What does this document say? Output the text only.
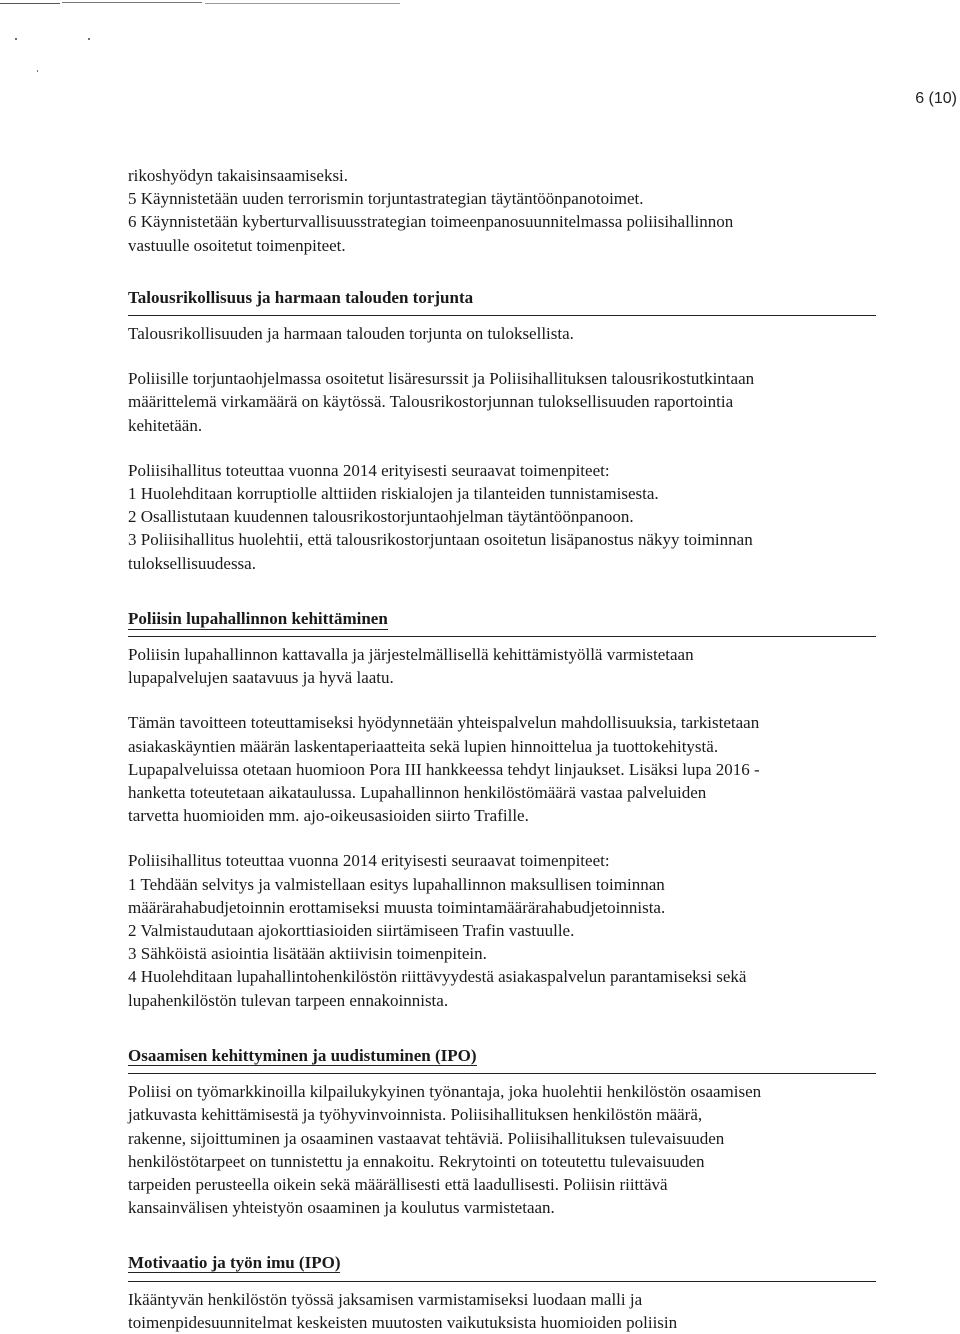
6 (10)

rikoshyödyn takaisinsaamiseksi.

5 Käynnistetään uuden terrorismin torjuntastrategian täytäntöönpanotoimet.

6 Käynnistetään kyberturvallisuusstrategian toimeenpanosuunnitelmassa poliisihallinnon

vastuulle osoitetut toimenpiteet.

Talousrikollisuus ja harmaan talouden torjunta

Talousrikollisuuden ja harmaan talouden torjunta on tuloksellista.

Poliisille torjuntaohjelmassa osoitetut lisäresurssit ja Poliisihallituksen talousrikostutkintaan

määrittelemä virkamäärä on käytössä. Talousrikostorjunnan tuloksellisuuden raportointia

kehitetään.

Poliisihallitus toteuttaa vuonna 2014 erityisesti seuraavat toimenpiteet:

1 Huolehditaan korruptiolle alttiiden riskialojen ja tilanteiden tunnistamisesta.

2 Osallistutaan kuudennen talousrikostorjuntaohjelman täytäntöönpanoon.

3 Poliisihallitus huolehtii, että talousrikostorjuntaan osoitetun lisäpanostus näkyy toiminnan

tuloksellisuudessa.

Poliisin lupahallinnon kehittäminen

Poliisin lupahallinnon kattavalla ja järjestelmällisellä kehittämistyöllä varmistetaan

lupapalvelujen saatavuus ja hyvä laatu.

Tämän tavoitteen toteuttamiseksi hyödynnetään yhteispalvelun mahdollisuuksia, tarkistetaan

asiakaskäyntien määrän laskentaperiaatteita sekä lupien hinnoittelua ja tuottokehitystä.

Lupapalveluissa otetaan huomioon Pora III hankkeessa tehdyt linjaukset. Lisäksi lupa 2016 -

hanketta toteutetaan aikataulussa. Lupahallinnon henkilöstömäärä vastaa palveluiden

tarvetta huomioiden mm. ajo-oikeusasioiden siirto Trafille.

Poliisihallitus toteuttaa vuonna 2014 erityisesti seuraavat toimenpiteet:

1 Tehdään selvitys ja valmistellaan esitys lupahallinnon maksullisen toiminnan

määrärahabudjetoinnin erottamiseksi muusta toimintamäärärahabudjetoinnista.

2 Valmistaudutaan ajokorttiasioiden siirtämiseen Trafin vastuulle.

3 Sähköistä asiointia lisätään aktiivisin toimenpitein.

4 Huolehditaan lupahallintohenkilöstön riittävyydestä asiakaspalvelun parantamiseksi sekä

lupahenkilöstön tulevan tarpeen ennakoinnista.

Osaamisen kehittyminen ja uudistuminen (IPO)

Poliisi on työmarkkinoilla kilpailukykyinen työnantaja, joka huolehtii henkilöstön osaamisen

jatkuvasta kehittämisestä ja työhyvinvoinnista. Poliisihallituksen henkilöstön määrä,

rakenne, sijoittuminen ja osaaminen vastaavat tehtäviä. Poliisihallituksen tulevaisuuden

henkilöstötarpeet on tunnistettu ja ennakoitu. Rekrytointi on toteutettu tulevaisuuden

tarpeiden perusteella oikein sekä määrällisesti että laadullisesti. Poliisin riittävä

kansainvälisen yhteistyön osaaminen ja koulutus varmistetaan.

Motivaatio ja työn imu (IPO)

Ikääntyvän henkilöstön työssä jaksamisen varmistamiseksi luodaan malli ja

toimenpidesuunnitelmat keskeisten muutosten vaikutuksista huomioiden poliisin
